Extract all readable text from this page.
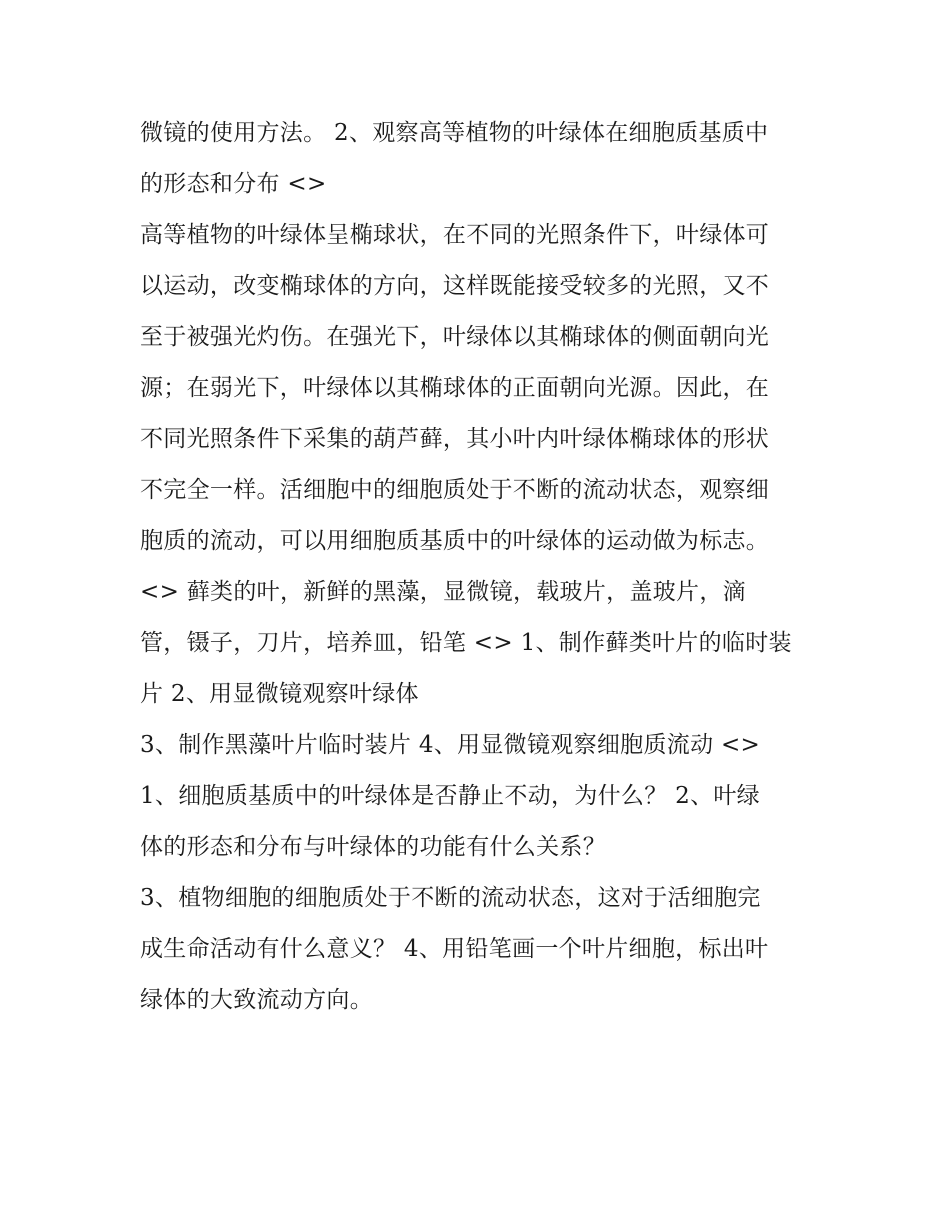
微镜的使用方法。 2、观察高等植物的叶绿体在细胞质基质中
的形态和分布 <>
高等植物的叶绿体呈椭球状，在不同的光照条件下，叶绿体可
以运动，改变椭球体的方向，这样既能接受较多的光照，又不
至于被强光灼伤。在强光下，叶绿体以其椭球体的侧面朝向光
源；在弱光下，叶绿体以其椭球体的正面朝向光源。因此，在
不同光照条件下采集的葫芦藓，其小叶内叶绿体椭球体的形状
不完全一样。活细胞中的细胞质处于不断的流动状态，观察细
胞质的流动，可以用细胞质基质中的叶绿体的运动做为标志。
<> 藓类的叶，新鲜的黑藻，显微镜，载玻片，盖玻片，滴
管，镊子，刀片，培养皿，铅笔 <> 1、制作藓类叶片的临时装
片 2、用显微镜观察叶绿体
3、制作黑藻叶片临时装片 4、用显微镜观察细胞质流动 <>
1、细胞质基质中的叶绿体是否静止不动，为什么？ 2、叶绿
体的形态和分布与叶绿体的功能有什么关系？
3、植物细胞的细胞质处于不断的流动状态，这对于活细胞完
成生命活动有什么意义？ 4、用铅笔画一个叶片细胞，标出叶
绿体的大致流动方向。
